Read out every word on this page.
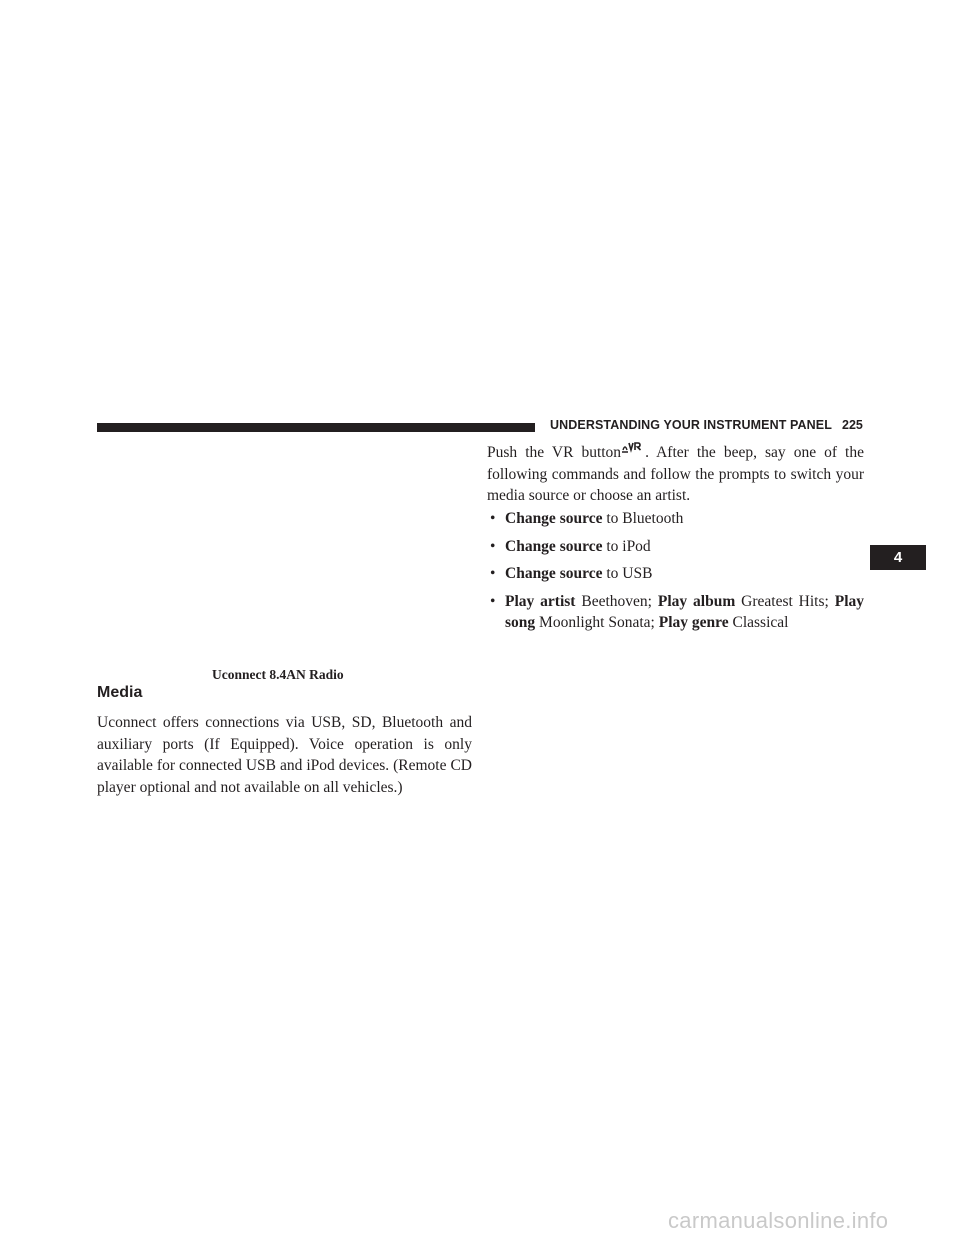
UNDERSTANDING YOUR INSTRUMENT PANEL 225
4
Uconnect 8.4AN Radio
Media
Uconnect offers connections via USB, SD, Bluetooth and auxiliary ports (If Equipped). Voice operation is only available for connected USB and iPod devices. (Remote CD player optional and not available on all vehicles.)
Push the VR button . After the beep, say one of the following commands and follow the prompts to switch your media source or choose an artist.
• Change source to Bluetooth
• Change source to iPod
• Change source to USB
• Play artist Beethoven; Play album Greatest Hits; Play song Moonlight Sonata; Play genre Classical
carmanualsonline.info
